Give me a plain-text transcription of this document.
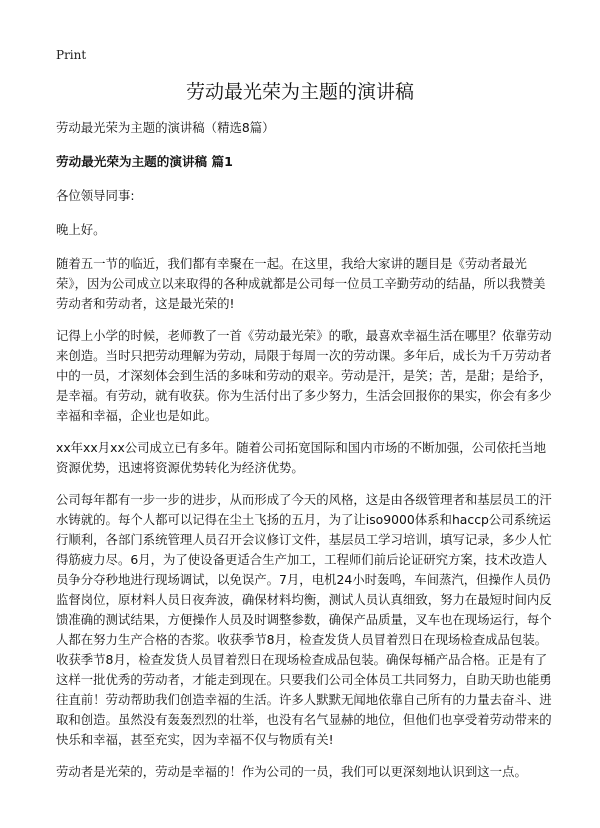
Print
劳动最光荣为主题的演讲稿

劳动最光荣为主题的演讲稿（精选8篇）

劳动最光荣为主题的演讲稿 篇1

各位领导同事:

晚上好。

随着五一节的临近，我们都有幸聚在一起。在这里，我给大家讲的题目是《劳动者最光荣》，因为公司成立以来取得的各种成就都是公司每一位员工辛勤劳动的结晶，所以我赞美劳动者和劳动者，这是最光荣的!

记得上小学的时候，老师教了一首《劳动最光荣》的歌，最喜欢幸福生活在哪里？依靠劳动来创造。当时只把劳动理解为劳动，局限于每周一次的劳动课。多年后，成长为千万劳动者中的一员，才深刻体会到生活的多味和劳动的艰辛。劳动是汗，是笑；苦，是甜；是给予，是幸福。有劳动，就有收获。你为生活付出了多少努力，生活会回报你的果实，你会有多少幸福和幸福，企业也是如此。

xx年xx月xx公司成立已有多年。随着公司拓宽国际和国内市场的不断加强，公司依托当地资源优势，迅速将资源优势转化为经济优势。

公司每年都有一步一步的进步，从而形成了今天的风格，这是由各级管理者和基层员工的汗水铸就的。每个人都可以记得在尘土飞扬的五月，为了让iso9000体系和haccp公司系统运行顺利，各部门系统管理人员召开会议修订文件，基层员工学习培训，填写记录，多少人忙得筋疲力尽。6月，为了使设备更适合生产加工，工程师们前后论证研究方案，技术改造人员争分夺秒地进行现场调试，以免误产。7月，电机24小时轰鸣，车间蒸汽，但操作人员仍监督岗位，原材料人员日夜奔波，确保材料均衡，测试人员认真细致，努力在最短时间内反馈准确的测试结果，方便操作人员及时调整参数，确保产品质量，叉车也在现场运行，每个人都在努力生产合格的杏浆。收获季节8月，检查发货人员冒着烈日在现场检查成品包装。收获季节8月，检查发货人员冒着烈日在现场检查成品包装。确保每桶产品合格。正是有了这样一批优秀的劳动者，才能走到现在。只要我们公司全体员工共同努力，自助天助也能勇往直前！劳动帮助我们创造幸福的生活。许多人默默无闻地依靠自己所有的力量去奋斗、进取和创造。虽然没有轰轰烈烈的壮举，也没有名气显赫的地位，但他们也享受着劳动带来的快乐和幸福，甚至充实，因为幸福不仅与物质有关!

劳动者是光荣的，劳动是幸福的！作为公司的一员，我们可以更深刻地认识到这一点。
